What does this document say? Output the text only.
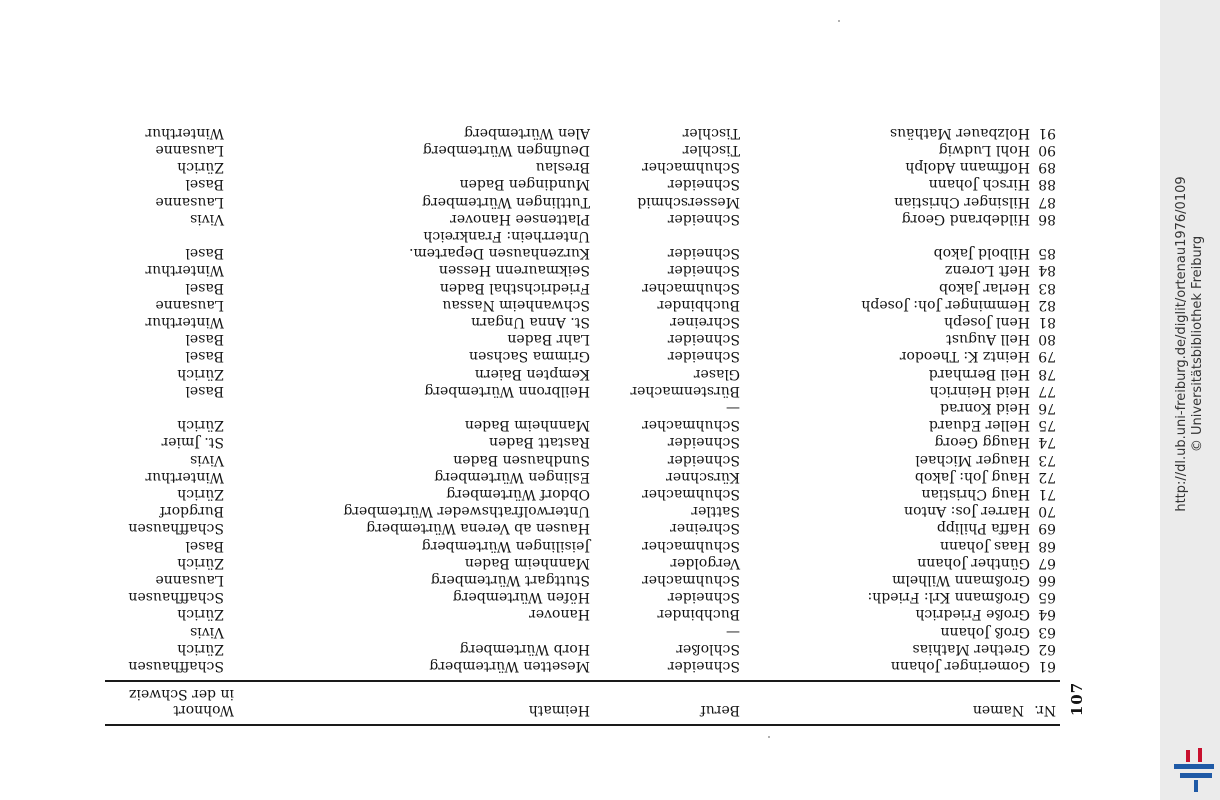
107
Nr.
Namen
Beruf
Heimath
Wohnort
in der Schweiz
61
Gomeringer Johann
Schneider
Mesetten Würtemberg
Schaffhausen
62
Grether Mathias
Schloßer
Horb Würtemberg
Zürich
63
Groß Johann
—
Vivis
64
Große Friedrich
Buchbinder
Hanover
Zürich
65
Großmann Krl: Friedh:
Schneider
Höfen Würtemberg
Schaffhausen
66
Großmann Wilhelm
Schuhmacher
Stuttgart Würtemberg
Lausanne
67
Günther Johann
Vergolder
Mannheim Baden
Zürich
68
Haas Johann
Schuhmacher
Jeisilingen Würtemberg
Basel
69
Haffa Philipp
Schreiner
Hausen ab Verena Würtemberg
Schaffhausen
70
Harrer Jos: Anton
Sattler
Unterwolfrathsweder Würtemberg
Burgdorf
71
Haug Christian
Schuhmacher
Obdorf Würtemberg
Zürich
72
Haug Joh: Jakob
Kürschner
Eslingen Würtemberg
Winterthur
73
Hauger Michael
Schneider
Sundhausen Baden
Vivis
74
Haugg Georg
Schneider
Rastatt Baden
St. Jmier
75
Heller Eduard
Schuhmacher
Mannheim Baden
Zürich
76
Heid Konrad
—
77
Heid Heinrich
Bürstenmacher
Heilbronn Würtemberg
Basel
78
Heil Bernhard
Glaser
Kempten Baiern
Zürich
79
Heintz K: Theodor
Schneider
Grimma Sachsen
Basel
80
Hell August
Schneider
Lahr Baden
Basel
81
Henl Joseph
Schreiner
St. Anna Ungarn
Winterthur
82
Hemminger Joh: Joseph
Buchbinder
Schwanheim Nassau
Lausanne
83
Herlar Jakob
Schuhmacher
Friedrichsthal Baden
Basel
84
Heft Lorenz
Schneider
Seikmaurenn Hessen
Winterthur
85
Hilbold Jakob
Schneider
Kurzenhausen Departem.
Basel
Unterrhein: Frankreich
86
Hildebrand Georg
Schneider
Plattensee Hanover
Vivis
87
Hilsinger Christian
Messerschmid
Tuttlingen Würtemberg
Lausanne
88
Hirsch Johann
Schneider
Mundingen Baden
Basel
89
Hoffmann Adolph
Schuhmacher
Breslau
Zürich
90
Hohl Ludwig
Tischler
Deufingen Würtemberg
Lausanne
91
Holzbauer Mathäus
Tischler
Alen Würtemberg
Winterthur
http://dl.ub.uni-freiburg.de/diglit/ortenau1976/0109 © Universitätsbibliothek Freiburg
